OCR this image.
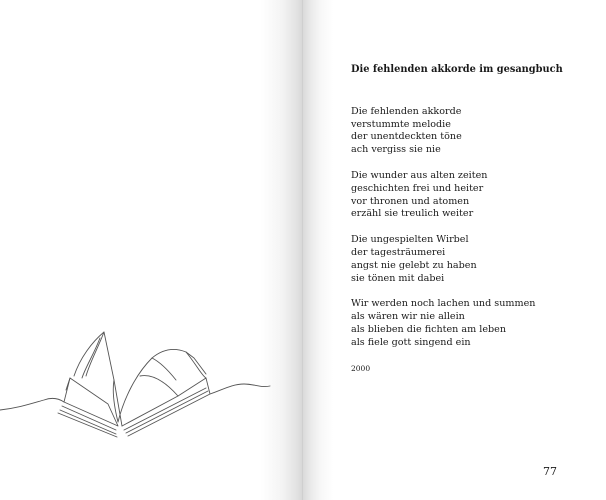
Die fehlenden akkorde im gesangbuch
Die fehlenden akkorde
verstummte melodie
der unentdeckten töne
ach vergiss sie nie
Die wunder aus alten zeiten
geschichten frei und heiter
vor thronen und atomen
erzähl sie treulich weiter
Die ungespielten Wirbel
der tagesträumerei
angst nie gelebt zu haben
sie tönen mit dabei
Wir werden noch lachen und summen
als wären wir nie allein
als blieben die fichten am leben
als fiele gott singend ein
2000
77
